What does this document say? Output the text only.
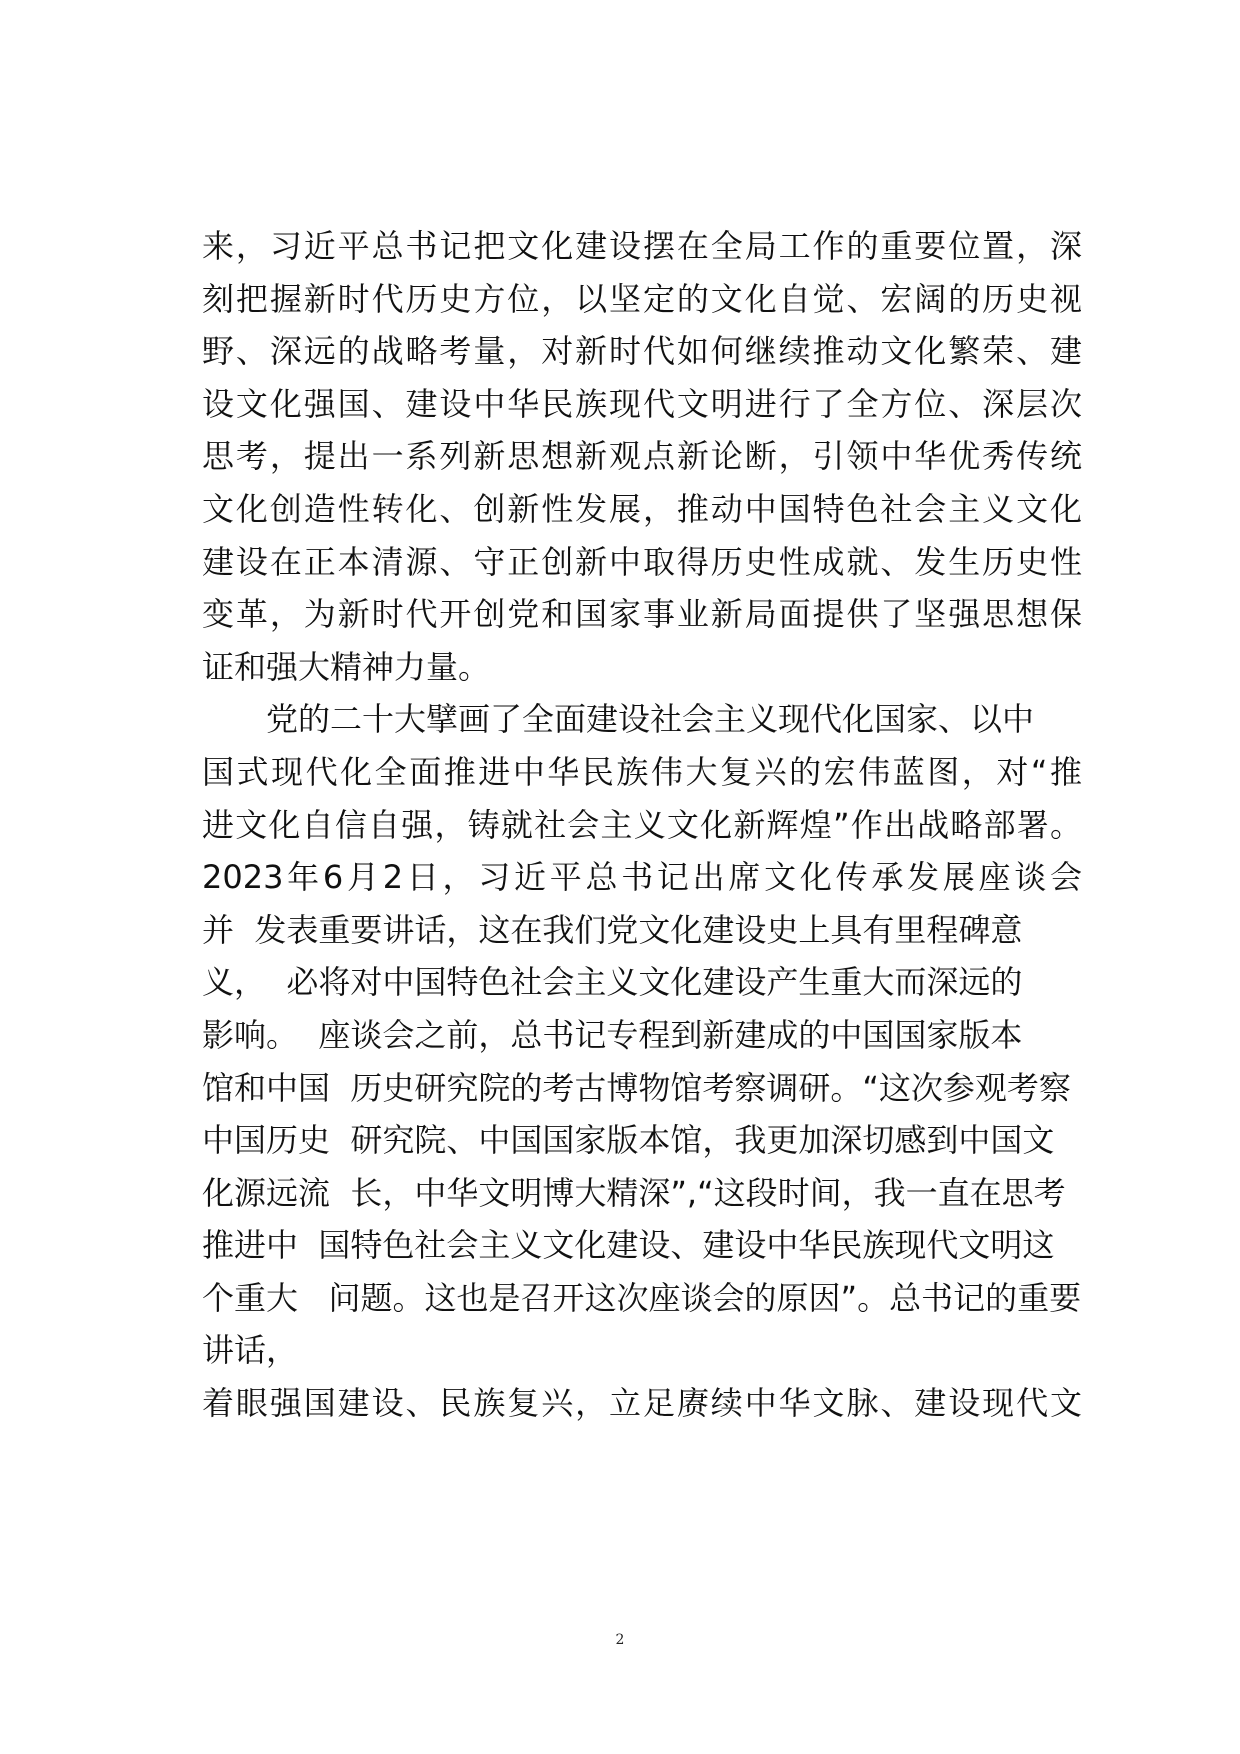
来，习近平总书记把文化建设摆在全局工作的重要位置，深
刻把握新时代历史方位，以坚定的文化自觉、宏阔的历史视
野、深远的战略考量，对新时代如何继续推动文化繁荣、建
设文化强国、建设中华民族现代文明进行了全方位、深层次
思考，提出一系列新思想新观点新论断，引领中华优秀传统
文化创造性转化、创新性发展，推动中国特色社会主义文化
建设在正本清源、守正创新中取得历史性成就、发生历史性
变革，为新时代开创党和国家事业新局面提供了坚强思想保
证和强大精神力量。
党的二十大擘画了全面建设社会主义现代化国家、以中
国式现代化全面推进中华民族伟大复兴的宏伟蓝图，对“推
进文化自信自强，铸就社会主义文化新辉煌”作出战略部署。
2023年6月2日，习近平总书记出席文化传承发展座谈会
并  发表重要讲话，这在我们党文化建设史上具有里程碑意
义，  必将对中国特色社会主义文化建设产生重大而深远的
影响。  座谈会之前，总书记专程到新建成的中国国家版本
馆和中国  历史研究院的考古博物馆考察调研。“这次参观考察
中国历史  研究院、中国国家版本馆，我更加深切感到中国文
化源远流  长，中华文明博大精深”,“这段时间，我一直在思考
推进中  国特色社会主义文化建设、建设中华民族现代文明这
个重大   问题。这也是召开这次座谈会的原因”。总书记的重要
讲话，
着眼强国建设、民族复兴，立足赓续中华文脉、建设现代文
2
